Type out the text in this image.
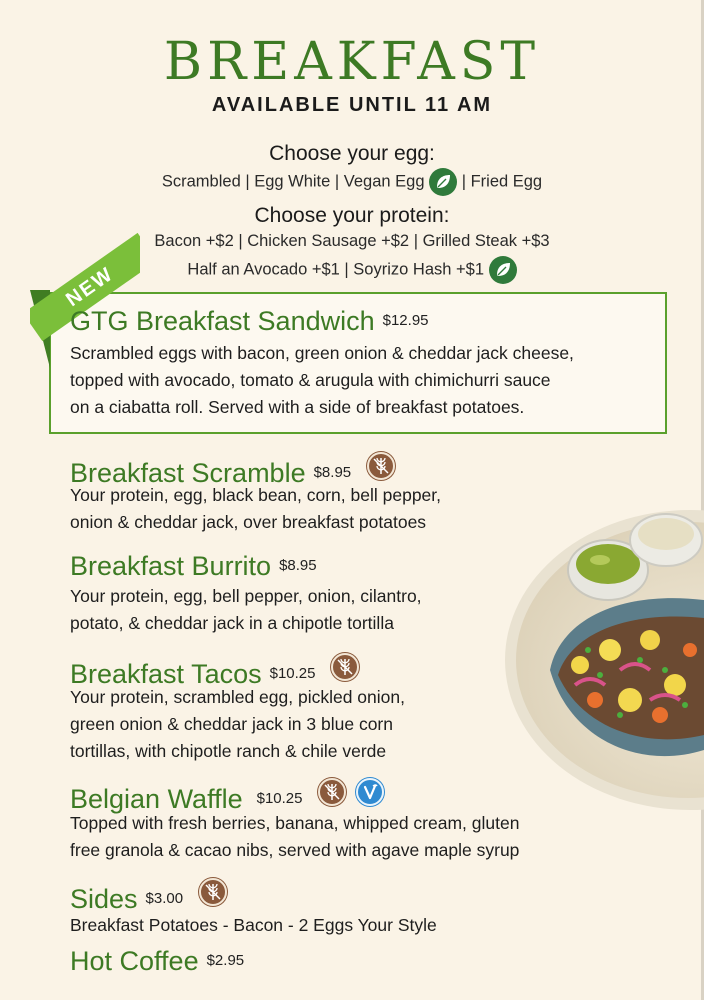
BREAKFAST
AVAILABLE UNTIL 11 AM
Choose your egg:
Scrambled | Egg White | Vegan Egg | Fried Egg
Choose your protein:
Bacon +$2 | Chicken Sausage +$2 | Grilled Steak +$3
Half an Avocado +$1 | Soyrizo Hash +$1
NEW
GTG Breakfast Sandwich $12.95
Scrambled eggs with bacon, green onion & cheddar jack cheese,
topped with avocado, tomato & arugula with chimichurri sauce
on a ciabatta roll. Served with a side of breakfast potatoes.
Breakfast Scramble $8.95
Your protein, egg, black bean, corn, bell pepper,
onion & cheddar jack, over breakfast potatoes
Breakfast Burrito $8.95
Your protein, egg, bell pepper, onion, cilantro,
potato, & cheddar jack in a chipotle tortilla
Breakfast Tacos $10.25
Your protein, scrambled egg, pickled onion,
green onion & cheddar jack in 3 blue corn
tortillas, with chipotle ranch & chile verde
Belgian Waffle $10.25

Topped with fresh berries, banana, whipped cream, gluten
free granola & cacao nibs, served with agave maple syrup
Sides $3.00
Breakfast Potatoes - Bacon - 2 Eggs Your Style
Hot Coffee $2.95
